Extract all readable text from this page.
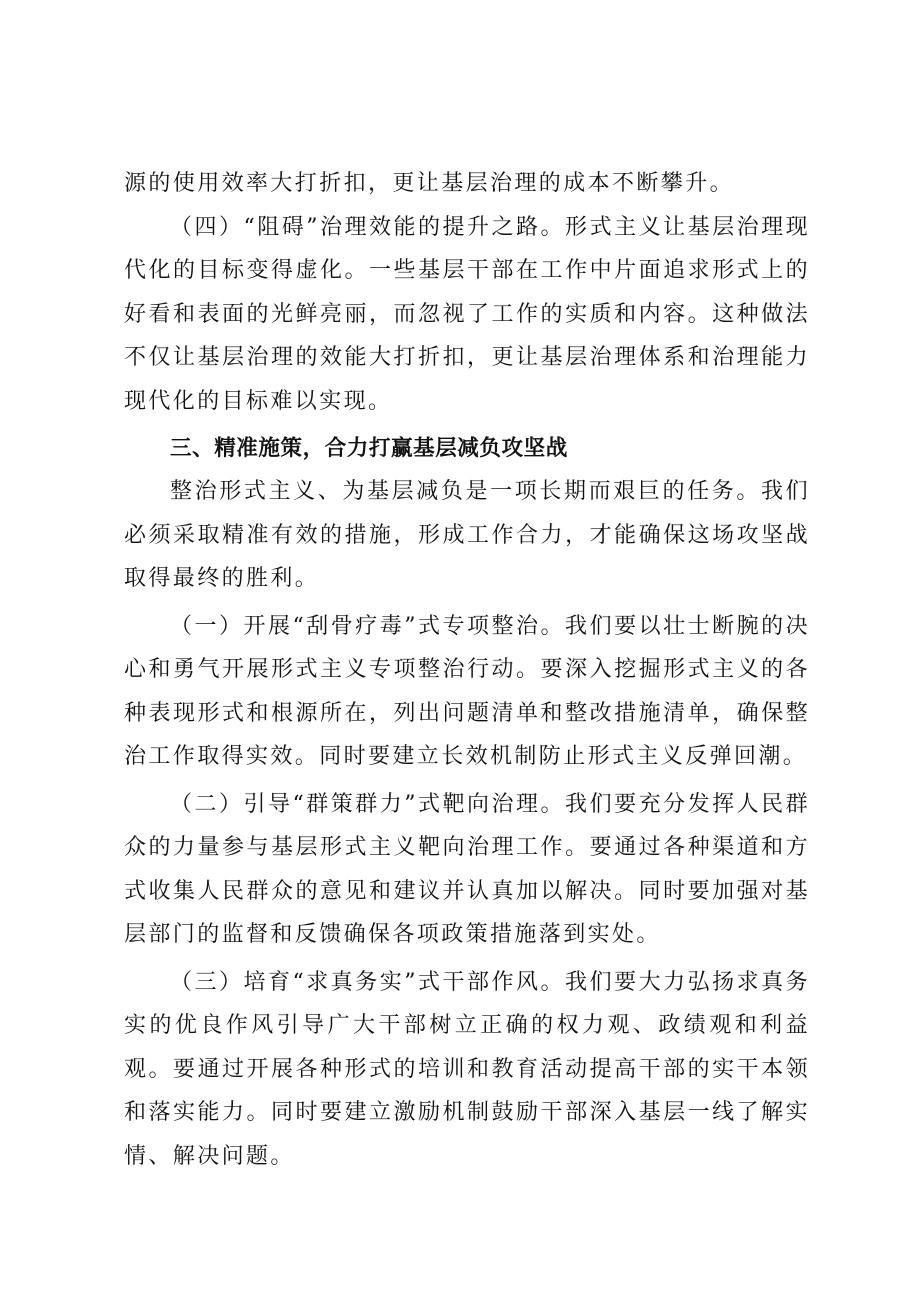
源的使用效率大打折扣，更让基层治理的成本不断攀升。

（四）“阻碍”治理效能的提升之路。形式主义让基层治理现代化的目标变得虚化。一些基层干部在工作中片面追求形式上的好看和表面的光鲜亮丽，而忽视了工作的实质和内容。这种做法不仅让基层治理的效能大打折扣，更让基层治理体系和治理能力现代化的目标难以实现。

三、精准施策，合力打赢基层减负攻坚战

整治形式主义、为基层减负是一项长期而艰巨的任务。我们必须采取精准有效的措施，形成工作合力，才能确保这场攻坚战取得最终的胜利。

（一）开展“刮骨疗毒”式专项整治。我们要以壮士断腕的决心和勇气开展形式主义专项整治行动。要深入挖掘形式主义的各种表现形式和根源所在，列出问题清单和整改措施清单，确保整治工作取得实效。同时要建立长效机制防止形式主义反弹回潮。

（二）引导“群策群力”式靶向治理。我们要充分发挥人民群众的力量参与基层形式主义靶向治理工作。要通过各种渠道和方式收集人民群众的意见和建议并认真加以解决。同时要加强对基层部门的监督和反馈确保各项政策措施落到实处。

（三）培育“求真务实”式干部作风。我们要大力弘扬求真务实的优良作风引导广大干部树立正确的权力观、政绩观和利益观。要通过开展各种形式的培训和教育活动提高干部的实干本领和落实能力。同时要建立激励机制鼓励干部深入基层一线了解实情、解决问题。
